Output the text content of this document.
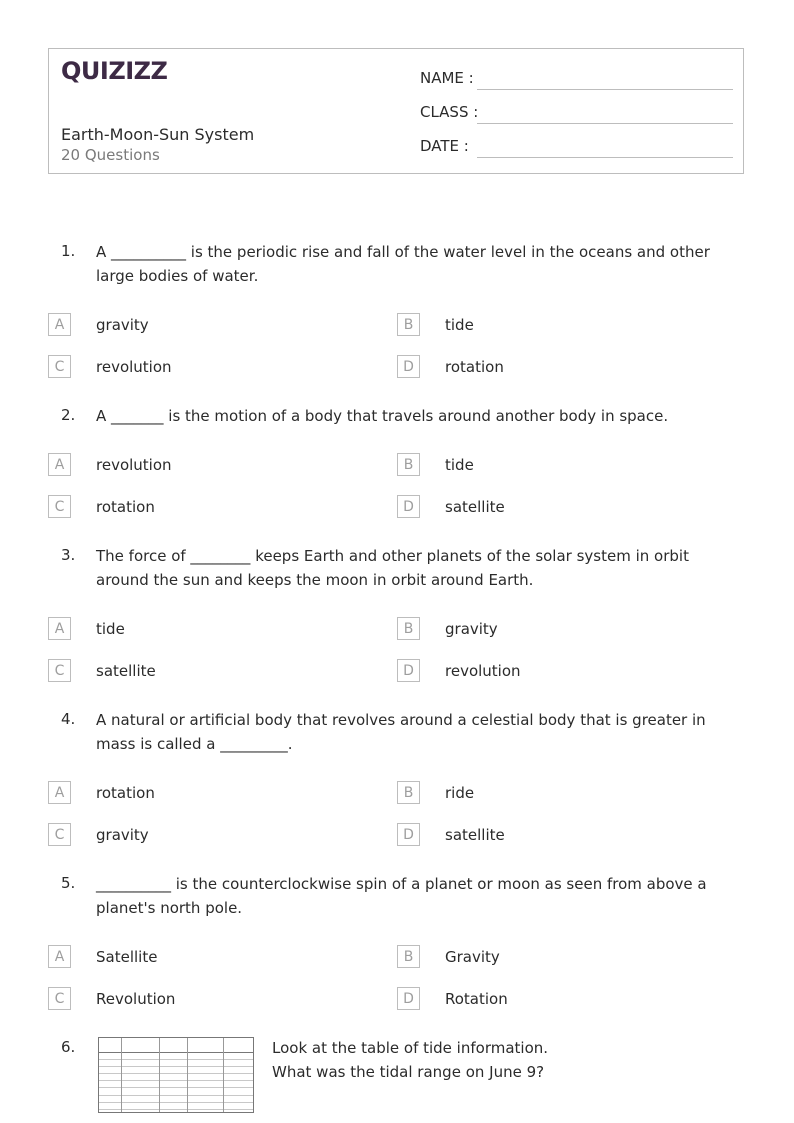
QUIZIZZ
Earth-Moon-Sun System
20 Questions
NAME :
CLASS :
DATE :
1. A __________ is the periodic rise and fall of the water level in the oceans and other large bodies of water.
A	gravity	B	tide
C	revolution	D	rotation
2. A _______ is the motion of a body that travels around another body in space.
A	revolution	B	tide
C	rotation	D	satellite
3. The force of ________ keeps Earth and other planets of the solar system in orbit around the sun and keeps the moon in orbit around Earth.
A	tide	B	gravity
C	satellite	D	revolution
4. A natural or artificial body that revolves around a celestial body that is greater in mass is called a _________.
A	rotation	B	ride
C	gravity	D	satellite
5. __________ is the counterclockwise spin of a planet or moon as seen from above a planet's north pole.
A	Satellite	B	Gravity
C	Revolution	D	Rotation
6.	Look at the table of tide information.
What was the tidal range on June 9?
